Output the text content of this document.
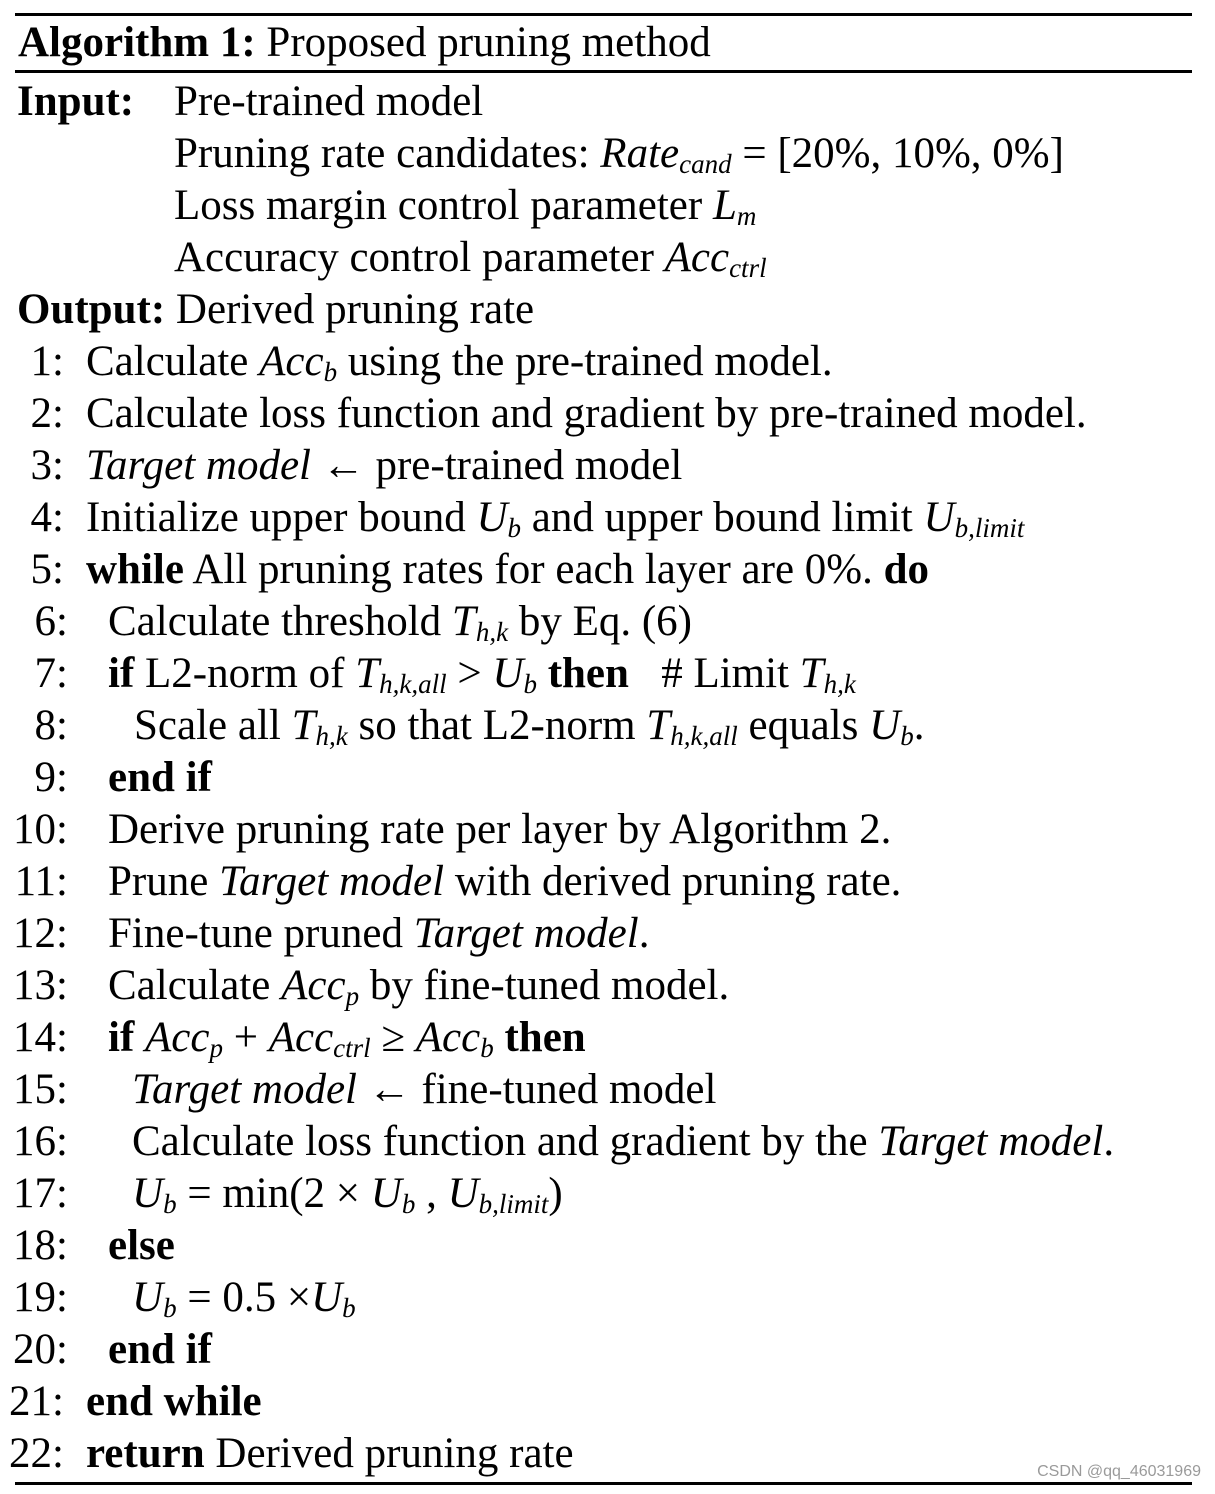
Algorithm 1: Proposed pruning method
Input: Pre-trained model
Pruning rate candidates: Rate$_{cand}$ = [20%, 10%, 0%]
Loss margin control parameter $L_m$
Accuracy control parameter Acc$_{ctrl}$
Output: Derived pruning rate
1: Calculate Acc$_b$ using the pre-trained model.
2: Calculate loss function and gradient by pre-trained model.
3: Target model ← pre-trained model
4: Initialize upper bound $U_b$ and upper bound limit $U_{b,limit}$
5: while All pruning rates for each layer are 0%. do
6: Calculate threshold $T_{h,k}$ by Eq. (6)
7: if L2-norm of $T_{h,k,all} > U_b$ then   # Limit $T_{h,k}$
8: Scale all $T_{h,k}$ so that L2-norm $T_{h,k,all}$ equals $U_b$.
9: end if
10: Derive pruning rate per layer by Algorithm 2.
11: Prune Target model with derived pruning rate.
12: Fine-tune pruned Target model.
13: Calculate Acc$_p$ by fine-tuned model.
14: if Acc$_p$ + Acc$_{ctrl}$ ≥ Acc$_b$ then
15: Target model ← fine-tuned model
16: Calculate loss function and gradient by the Target model.
17: $U_b = \min(2 \times U_b$ , $U_{b,limit}$)
18: else
19: $U_b = 0.5 \times U_b$
20: end if
21: end while
22: return Derived pruning rate	CSDN @qq_46031969
